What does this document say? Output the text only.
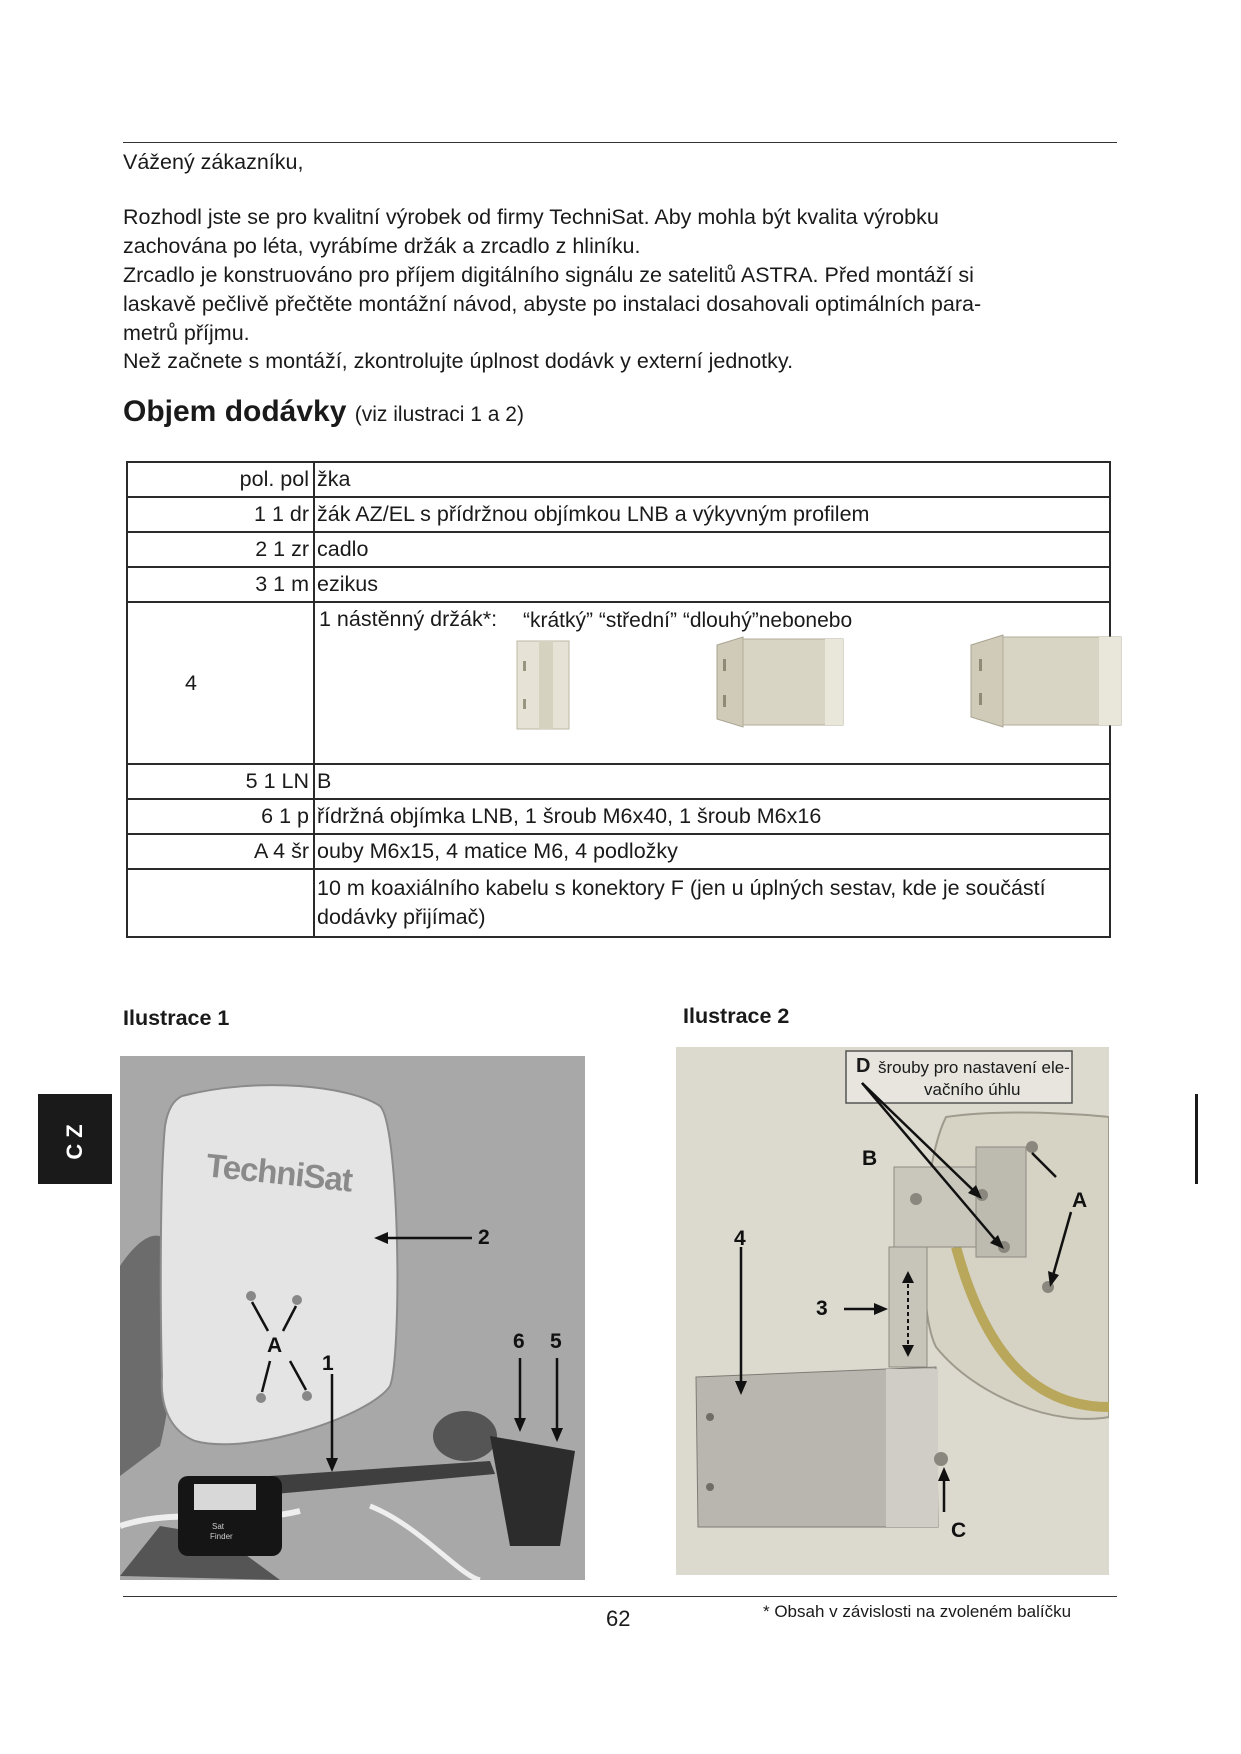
Vážený zákazníku,

Rozhodl jste se pro kvalitní výrobek od firmy TechniSat. Aby mohla být kvalita výrobku

zachována po léta, vyrábíme držák a zrcadlo z hliníku.

Zrcadlo je konstruováno pro příjem digitálního signálu ze satelitů ASTRA. Před montáží si

laskavě pečlivě přečtěte montážní návod, abyste po instalaci dosahovali optimálních para-

metrů příjmu.

Než začnete s montáží, zkontrolujte úplnost dodávk y externí jednotky.

Objem dodávky (viz ilustraci 1 a 2)
pol. pol	žka
1 1 dr	žák AZ/EL s přídržnou objímkou LNB a výkyvným profilem
2 1 zr	cadlo
3 1 m	ezikus
4	1 nástěnný držák*: “krátký” “střední” “dlouhý”nebonebo

5 1 LN	B
6 1 p	řídržná objímka LNB, 1 šroub M6x40, 1 šroub M6x16
A 4 šr	ouby M6x15, 4 matice M6, 4 podložky
	10 m koaxiálního kabelu s konektory F (jen u úplných sestav, kde je součástí dodávky přijímač)
Ilustrace 1	Ilustrace 2
TechniSat
Sat
Finder
2
A
1
6 5
D šrouby pro nastavení ele-
vačního úhlu
B
A
4
3
C
CZ
62	* Obsah v závislosti na zvoleném balíčku
